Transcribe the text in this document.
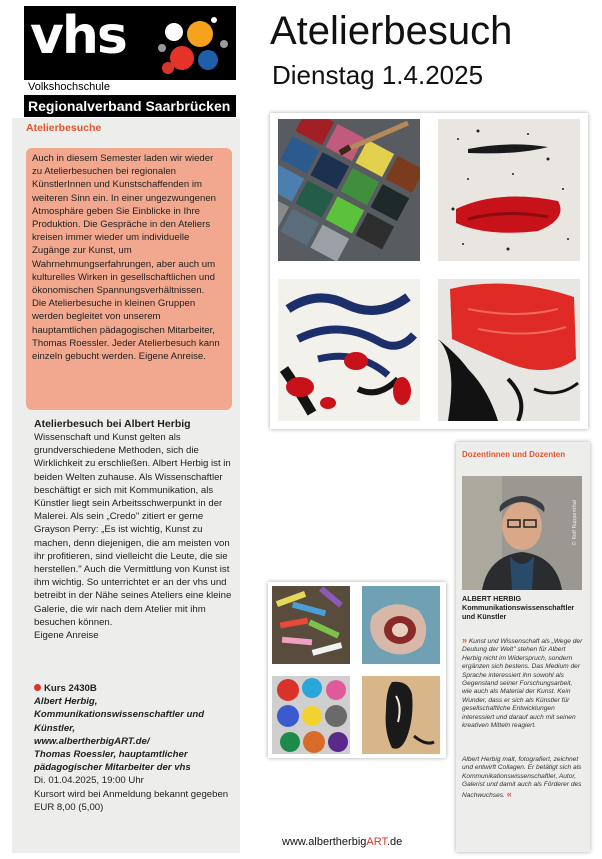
vhs
Volkshochschule
Regionalverband Saarbrücken
Atelierbesuch
Dienstag 1.4.2025
Atelierbesuche

Auch in diesem Semester laden wir wieder zu Atelierbesuchen bei regionalen KünstlerInnen und Kunstschaffenden im weiteren Sinn ein. In einer ungezwungenen Atmosphäre geben Sie Einblicke in Ihre Produktion. Die Gespräche in den Ateliers kreisen immer wieder um individuelle Zugänge zur Kunst, um Wahrnehmungserfahrungen, aber auch um kulturelles Wirken in gesellschaftlichen und ökonomischen Spannungsverhältnissen.

Die Atelierbesuche in kleinen Gruppen werden begleitet von unserem hauptamtlichen pädagogischen Mitarbeiter, Thomas Roessler. Jeder Atelierbesuch kann einzeln gebucht werden. Eigene Anreise.

Atelierbesuch bei Albert Herbig
Wissenschaft und Kunst gelten als grundverschiedene Methoden, sich die Wirklichkeit zu erschließen. Albert Herbig ist in beiden Welten zuhause. Als Wissenschaftler beschäftigt er sich mit Kommunikation, als Künstler liegt sein Arbeitsschwerpunkt in der Malerei. Als sein „Credo" zitiert er gerne Grayson Perry: „Es ist wichtig, Kunst zu machen, denn diejenigen, die am meisten von ihr profitieren, sind vielleicht die Leute, die sie herstellen." Auch die Vermittlung von Kunst ist ihm wichtig. So unterrichtet er an der vhs und betreibt in der Nähe seines Ateliers eine kleine Galerie, die wir nach dem Atelier mit ihm besuchen können.
Eigene Anreise
Kurs 2430B
Albert Herbig, Kommunikationswissenschaftler und Künstler,
www.albertherbigART.de/
Thomas Roessler, hauptamtlicher pädagogischer Mitarbeiter der vhs
Di. 01.04.2025, 19:00 Uhr
Kursort wird bei Anmeldung bekannt gegeben
EUR 8,00 (5,00)
Dozentinnen und Dozenten
© Rolf Ruppenthal
ALBERT HERBIG
Kommunikationswissenschaftler und Künstler
» Kunst und Wissenschaft als „Wege der Deutung der Welt" stehen für Albert Herbig nicht im Widerspruch, sondern ergänzen sich bestens. Das Medium der Sprache interessiert ihn sowohl als Gegenstand seiner Forschungsarbeit, wie auch als Material der Kunst. Kein Wunder, dass er sich als Künstler für gesellschaftliche Entwicklungen interessiert und darauf auch mit seinen kreativen Mitteln reagiert.
Albert Herbig malt, fotografiert, zeichnet und entwirft Collagen. Er betätigt sich als Kommunikationswissenschaftler, Autor, Galerist und damit auch als Förderer des Nachwuchses. «
www.albertherbigART.de
